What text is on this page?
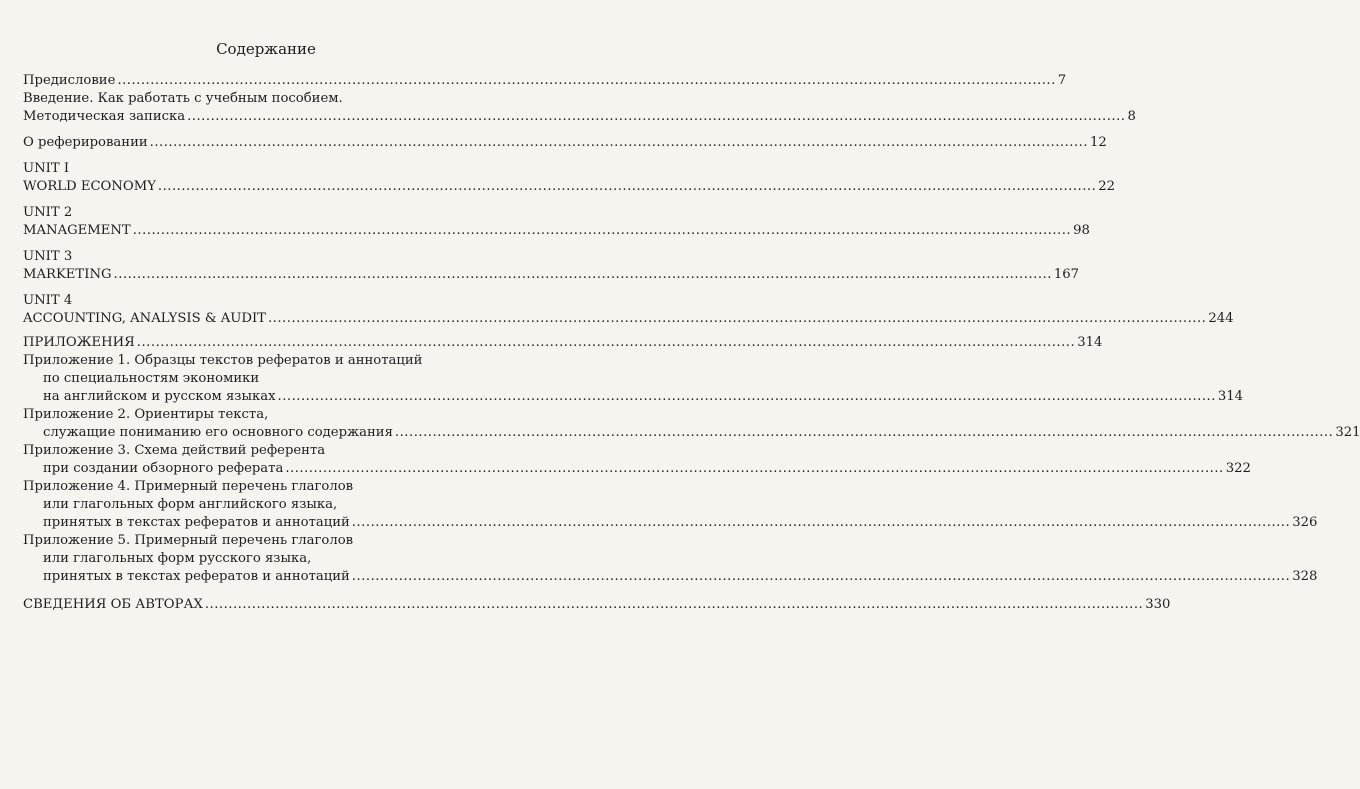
Содержание
Предисловие ........................................................................................................................................................................................................ 7
Введение. Как работать с учебным пособием.
Методическая записка ........................................................................................................................................................................................................ 8
О реферировании ........................................................................................................................................................................................................ 12
UNIT I
WORLD ECONOMY ........................................................................................................................................................................................................ 22
UNIT 2
MANAGEMENT ........................................................................................................................................................................................................ 98
UNIT 3
MARKETING ........................................................................................................................................................................................................ 167
UNIT 4
ACCOUNTING, ANALYSIS & AUDIT ........................................................................................................................................................................................................ 244
ПРИЛОЖЕНИЯ ........................................................................................................................................................................................................ 314
Приложение 1. Образцы текстов рефератов и аннотаций
по специальностям экономики
на английском и русском языках ........................................................................................................................................................................................................ 314
Приложение 2. Ориентиры текста,
служащие пониманию его основного содержания ........................................................................................................................................................................................................ 321
Приложение 3. Схема действий референта
при создании обзорного реферата ........................................................................................................................................................................................................ 322
Приложение 4. Примерный перечень глаголов
или глагольных форм английского языка,
принятых в текстах рефератов и аннотаций ........................................................................................................................................................................................................ 326
Приложение 5. Примерный перечень глаголов
или глагольных форм русского языка,
принятых в текстах рефератов и аннотаций ........................................................................................................................................................................................................ 328
СВЕДЕНИЯ ОБ АВТОРАХ ........................................................................................................................................................................................................ 330
